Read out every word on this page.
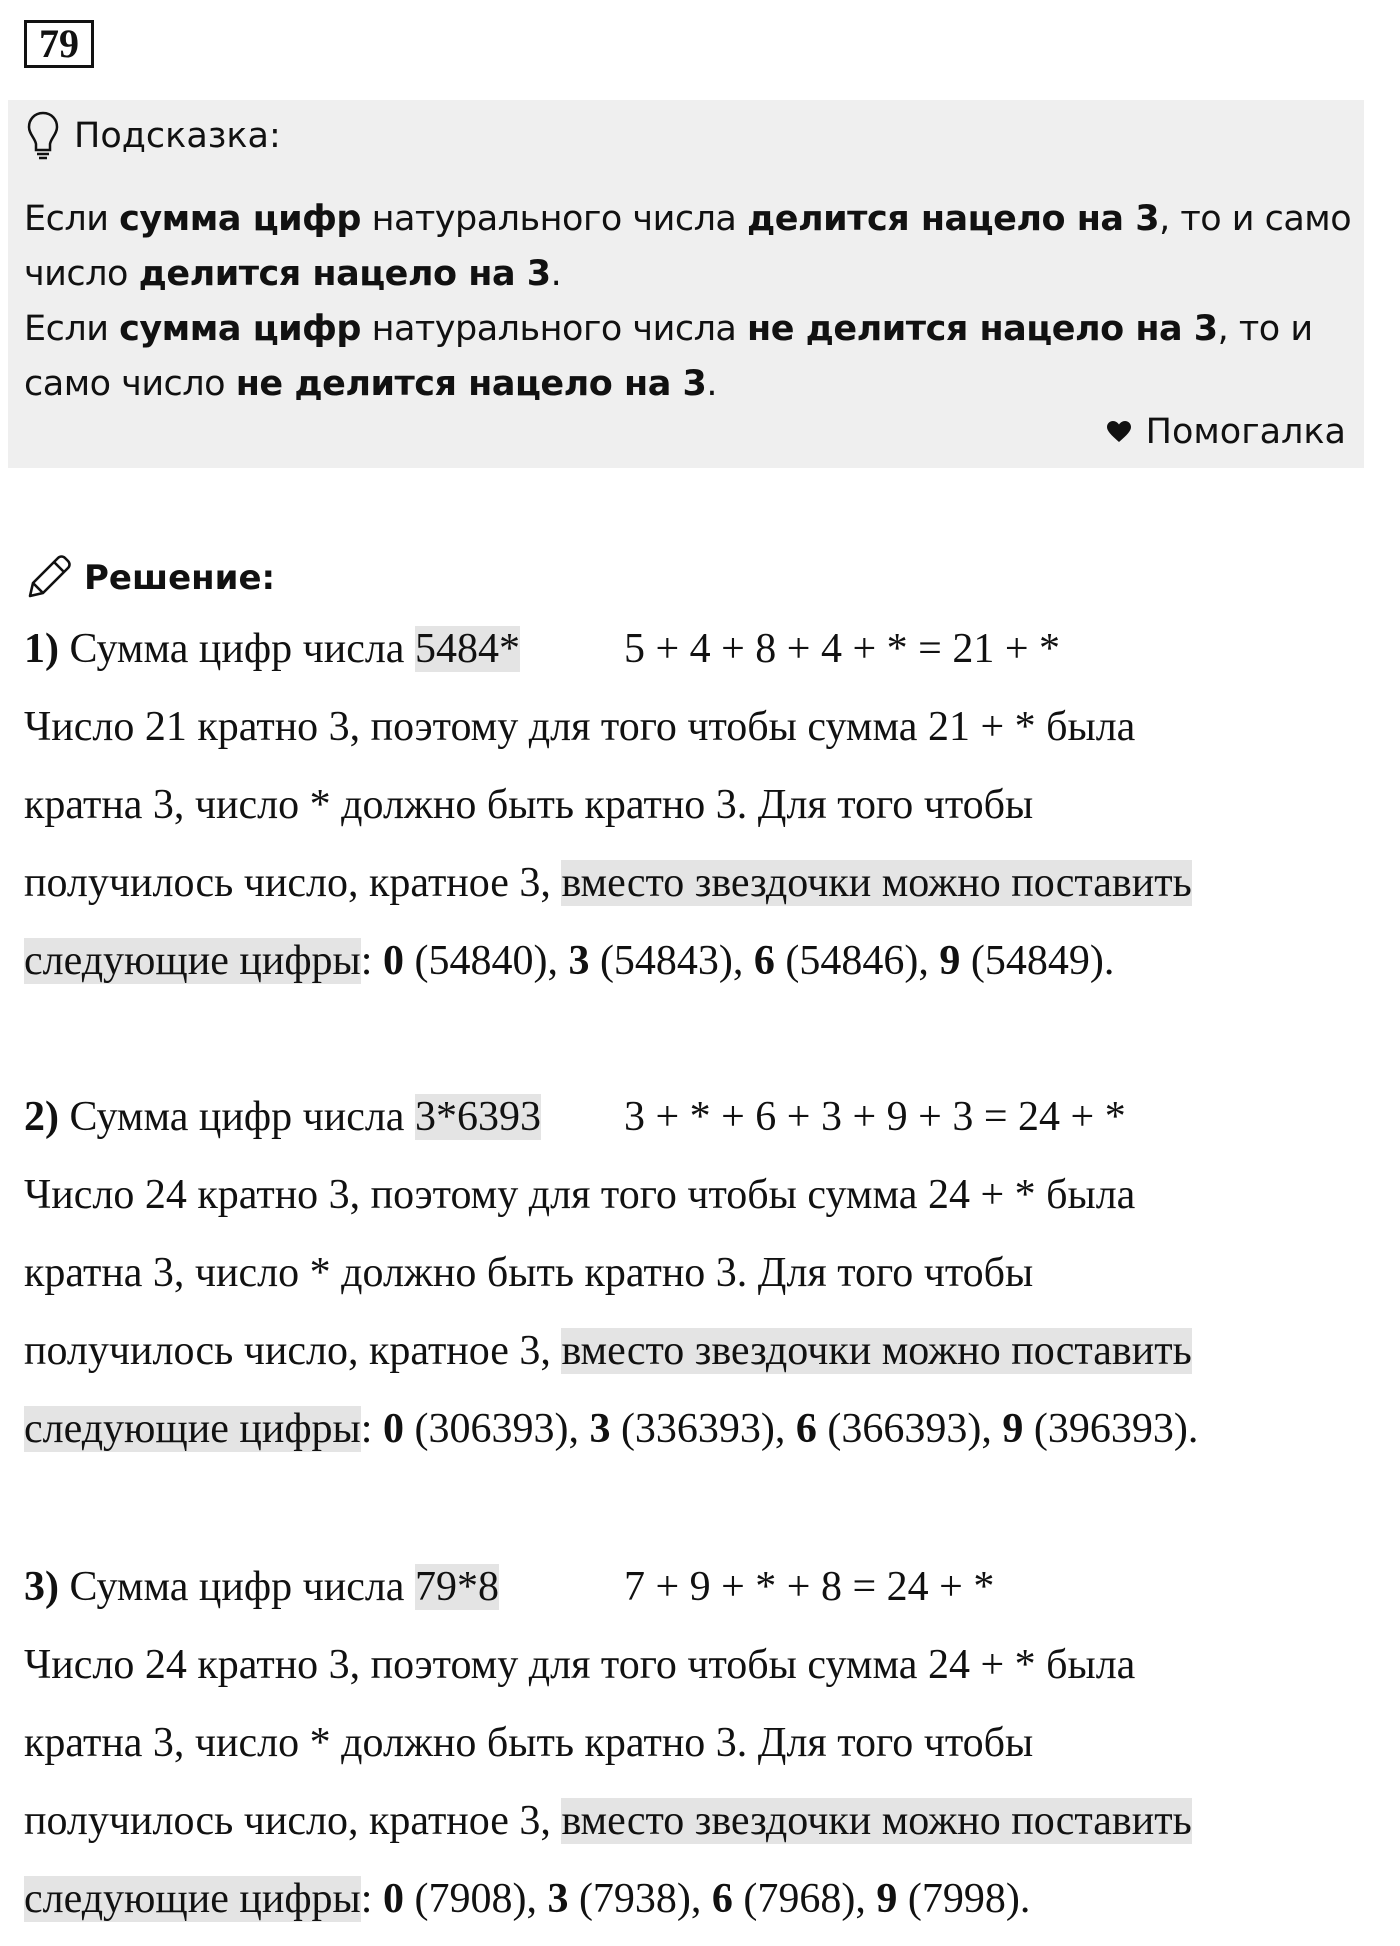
79
Подсказка:
Если сумма цифр натурального числа делится нацело на 3, то и само
число делится нацело на 3.
Если сумма цифр натурального числа не делится нацело на 3, то и
само число не делится нацело на 3.
Помогалка
Решение:

1) Сумма цифр числа 5484* 5 + 4 + 8 + 4 + * = 21 + *

Число 21 кратно 3, поэтому для того чтобы сумма 21 + * была

кратна 3, число * должно быть кратно 3. Для того чтобы

получилось число, кратное 3, вместо звездочки можно поставить

следующие цифры: 0 (54840), 3 (54843), 6 (54846), 9 (54849).

2) Сумма цифр числа 3*6393 3 + * + 6 + 3 + 9 + 3 = 24 + *

Число 24 кратно 3, поэтому для того чтобы сумма 24 + * была

кратна 3, число * должно быть кратно 3. Для того чтобы

получилось число, кратное 3, вместо звездочки можно поставить

следующие цифры: 0 (306393), 3 (336393), 6 (366393), 9 (396393).

3) Сумма цифр числа 79*8	7 + 9 + * + 8 = 24 + *

Число 24 кратно 3, поэтому для того чтобы сумма 24 + * была

кратна 3, число * должно быть кратно 3. Для того чтобы

получилось число, кратное 3, вместо звездочки можно поставить

следующие цифры: 0 (7908), 3 (7938), 6 (7968), 9 (7998).
